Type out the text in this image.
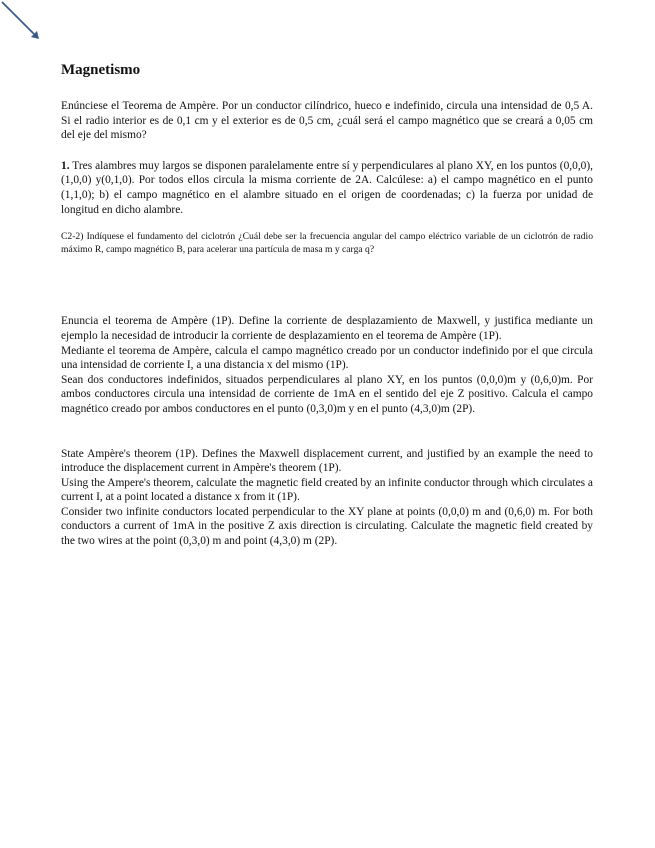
Magnetismo

Enúnciese el Teorema de Ampère. Por un conductor cilíndrico, hueco e indefinido, circula una intensidad de 0,5 A. Si el radio interior es de 0,1 cm y el exterior es de 0,5 cm, ¿cuál será el campo magnético que se creará a 0,05 cm del eje del mismo?

1. Tres alambres muy largos se disponen paralelamente entre sí y perpendiculares al plano XY, en los puntos (0,0,0), (1,0,0) y(0,1,0). Por todos ellos circula la misma corriente de 2A. Calcúlese: a) el campo magnético en el punto (1,1,0); b) el campo magnético en el alambre situado en el origen de coordenadas; c) la fuerza por unidad de longitud en dicho alambre.

C2-2) Indíquese el fundamento del ciclotrón ¿Cuál debe ser la frecuencia angular del campo eléctrico variable de un ciclotrón de radio máximo R, campo magnético B, para acelerar una partícula de masa m y carga q?

Enuncia el teorema de Ampère (1P). Define la corriente de desplazamiento de Maxwell, y justifica mediante un ejemplo la necesidad de introducir la corriente de desplazamiento en el teorema de Ampère (1P).

Mediante el teorema de Ampère, calcula el campo magnético creado por un conductor indefinido por el que circula una intensidad de corriente I, a una distancia x del mismo (1P).

Sean dos conductores indefinidos, situados perpendiculares al plano XY, en los puntos (0,0,0)m y (0,6,0)m. Por ambos conductores circula una intensidad de corriente de 1mA en el sentido del eje Z positivo. Calcula el campo magnético creado por ambos conductores en el punto (0,3,0)m y en el punto (4,3,0)m (2P).

State Ampère's theorem (1P). Defines the Maxwell displacement current, and justified by an example the need to introduce the displacement current in Ampère's theorem (1P).

Using the Ampere's theorem, calculate the magnetic field created by an infinite conductor through which circulates a current I, at a point located a distance x from it (1P).

Consider two infinite conductors located perpendicular to the XY plane at points (0,0,0) m and (0,6,0) m. For both conductors a current of 1mA in the positive Z axis direction is circulating. Calculate the magnetic field created by the two wires at the point (0,3,0) m and point (4,3,0) m (2P).
